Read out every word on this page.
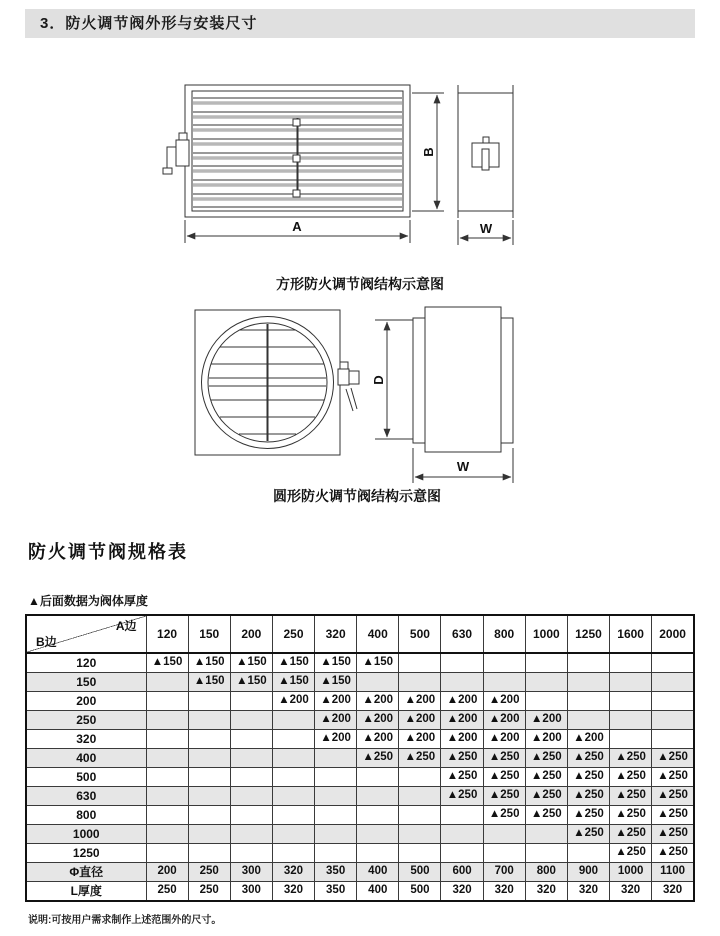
3．防火调节阀外形与安装尺寸
A
B
W
方形防火调节阀结构示意图
D
W
圆形防火调节阀结构示意图
防火调节阀规格表
▲后面数据为阀体厚度
A边
B边	120	150	200	250	320	400	500	630	800	1000	1250	1600	2000
120	▲150	▲150	▲150	▲150	▲150	▲150							
150		▲150	▲150	▲150	▲150								
200				▲200	▲200	▲200	▲200	▲200	▲200				
250					▲200	▲200	▲200	▲200	▲200	▲200			
320					▲200	▲200	▲200	▲200	▲200	▲200	▲200		
400						▲250	▲250	▲250	▲250	▲250	▲250	▲250	▲250
500								▲250	▲250	▲250	▲250	▲250	▲250
630								▲250	▲250	▲250	▲250	▲250	▲250
800									▲250	▲250	▲250	▲250	▲250
1000											▲250	▲250	▲250
1250												▲250	▲250
Φ直径	200	250	300	320	350	400	500	600	700	800	900	1000	1100
L厚度	250	250	300	320	350	400	500	320	320	320	320	320	320
说明:可按用户需求制作上述范围外的尺寸。
